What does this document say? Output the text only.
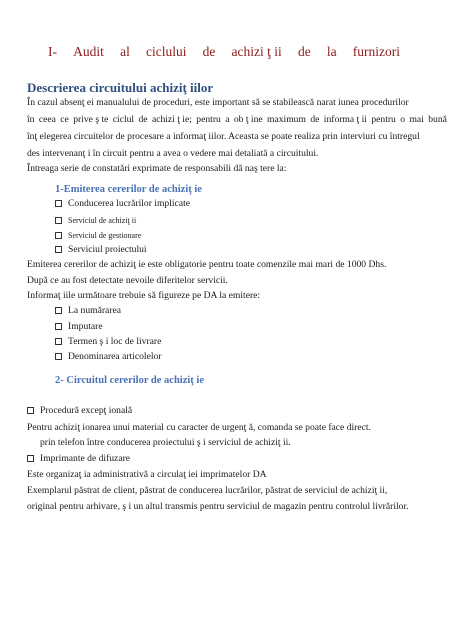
I- Audit al ciclului de achizi ţ ii de la furnizori
Descrierea circuitului achiziţ iilor
În cazul absenţ ei manualului de proceduri, este important să se stabilească narat iunea procedurilor
în ceea ce prive ş te ciclul de achizi ţ ie; pentru a ob ţ ine maximum de informa ţ ii pentru o mai bună
înţ elegerea circuitelor de procesare a informaţ iilor. Aceasta se poate realiza prin interviuri cu întregul
des intervenanţ i în circuit pentru a avea o vedere mai detaliată a circuitului.
Întreaga serie de constatări exprimate de responsabili dă naş tere la:
1-Emiterea cererilor de achiziţ ie
Conducerea lucrărilor implicate
Serviciul de achiziţ ii
Serviciul de gestionare
Serviciul proiectului
Emiterea cererilor de achiziţ ie este obligatorie pentru toate comenzile mai mari de 1000 Dhs.
După ce au fost detectate nevoile diferitelor servicii.
Informaţ iile următoare trebuie să figureze pe DA la emitere:
La numărarea
Imputare
Termen ş i loc de livrare
Denominarea articolelor
2- Circuitul cererilor de achiziţ ie
Procedură excepţ ională
Pentru achiziţ ionarea unui material cu caracter de urgenţ ă, comanda se poate face direct.
prin telefon între conducerea proiectului ş i serviciul de achiziţ ii.
Imprimante de difuzare
Este organizaţ ia administrativă a circulaţ iei imprimatelor DA
Exemplarul păstrat de client, păstrat de conducerea lucrărilor, păstrat de serviciul de achiziţ ii,
original pentru arhivare, ş i un altul transmis pentru serviciul de magazin pentru controlul livrărilor.
